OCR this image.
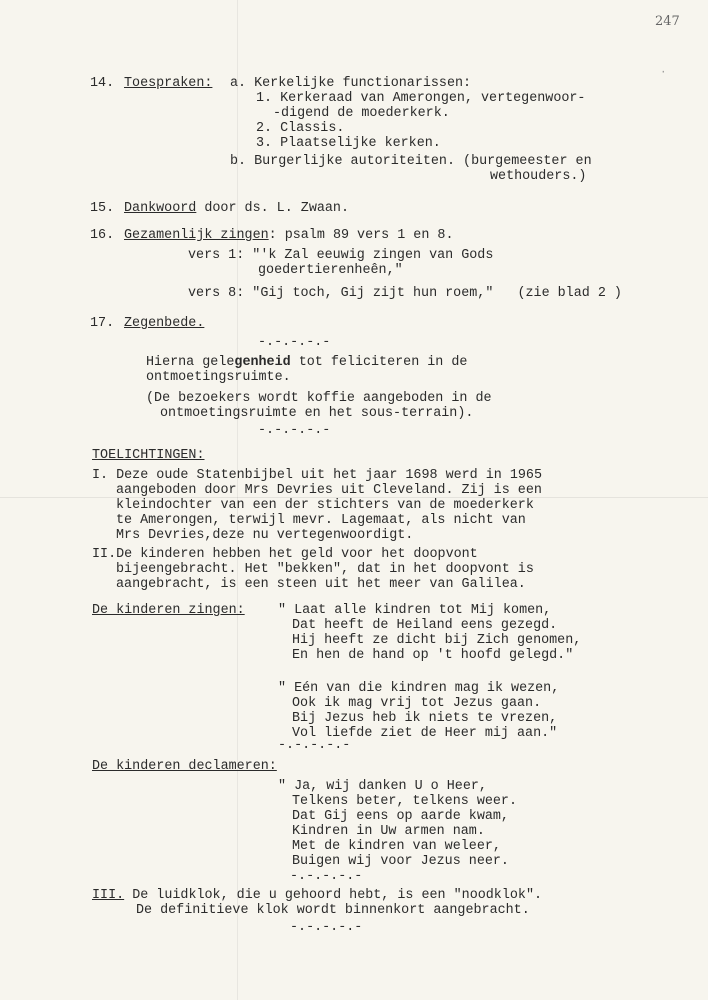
247
·
14. Toespraken: a. Kerkelijke functionarissen:
1. Kerkeraad van Amerongen, vertegenwoor-
-digend de moederkerk.
2. Classis.
3. Plaatselijke kerken.
b. Burgerlijke autoriteiten. (burgemeester en
wethouders.)
15. Dankwoord door ds. L. Zwaan.
16. Gezamenlijk zingen: psalm 89 vers 1 en 8.
vers 1: "'k Zal eeuwig zingen van Gods
goedertierenheên,"
vers 8: "Gij toch, Gij zijt hun roem,"   (zie blad 2 )
17. Zegenbede.
-.-.-.-.-
Hierna gelegenheid tot feliciteren in de
ontmoetingsruimte.
(De bezoekers wordt koffie aangeboden in de
ontmoetingsruimte en het sous-terrain).
-.-.-.-.-
TOELICHTINGEN:
I. Deze oude Statenbijbel uit het jaar 1698 werd in 1965
aangeboden door Mrs Devries uit Cleveland. Zij is een
kleindochter van een der stichters van de moederkerk
te Amerongen, terwijl mevr. Lagemaat, als nicht van
Mrs Devries,deze nu vertegenwoordigt.
II.De kinderen hebben het geld voor het doopvont
bijeengebracht. Het "bekken", dat in het doopvont is
aangebracht, is een steen uit het meer van Galilea.
De kinderen zingen: " Laat alle kindren tot Mij komen,
Dat heeft de Heiland eens gezegd.
Hij heeft ze dicht bij Zich genomen,
En hen de hand op 't hoofd gelegd."
" Eén van die kindren mag ik wezen,
Ook ik mag vrij tot Jezus gaan.
Bij Jezus heb ik niets te vrezen,
Vol liefde ziet de Heer mij aan."
-.-.-.-.-
De kinderen declameren:
" Ja, wij danken U o Heer,
Telkens beter, telkens weer.
Dat Gij eens op aarde kwam,
Kindren in Uw armen nam.
Met de kindren van weleer,
Buigen wij voor Jezus neer.
-.-.-.-.-
III. De luidklok, die u gehoord hebt, is een "noodklok".
De definitieve klok wordt binnenkort aangebracht.
-.-.-.-.-
